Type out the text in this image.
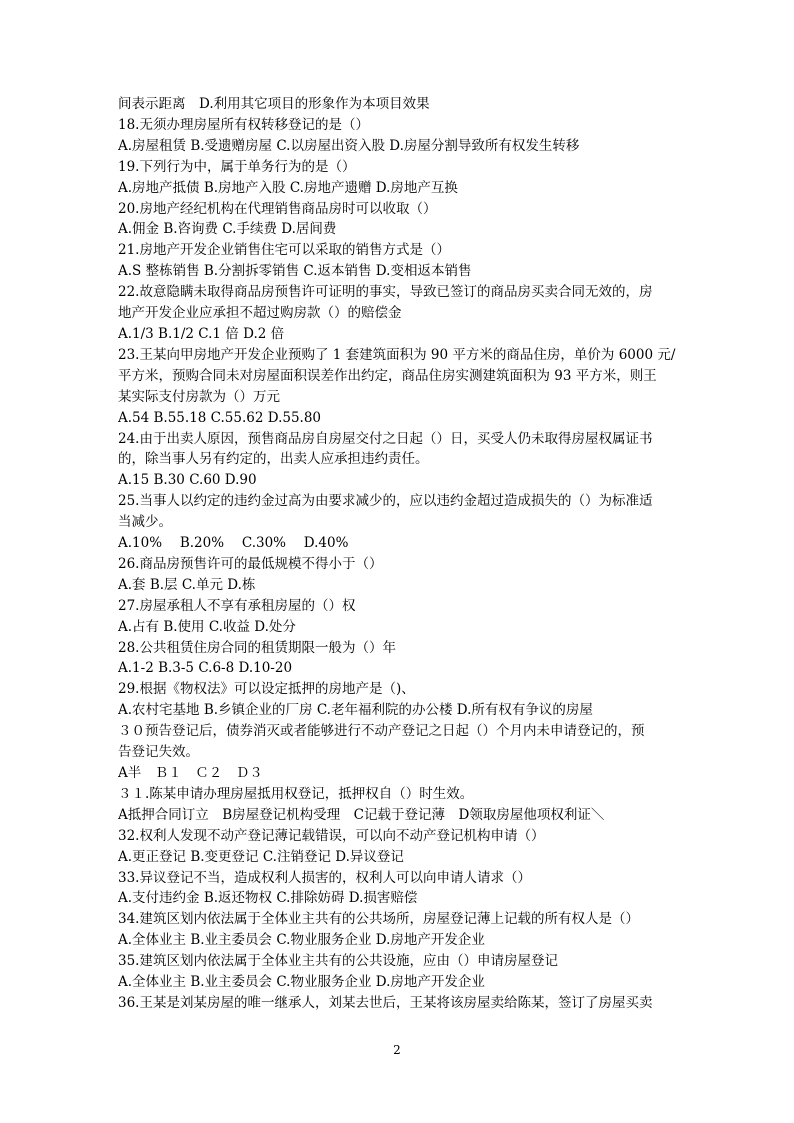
间表示距离　D.利用其它项目的形象作为本项目效果
18.无须办理房屋所有权转移登记的是（）
A.房屋租赁 B.受遗赠房屋 C.以房屋出资入股 D.房屋分割导致所有权发生转移
19.下列行为中，属于单务行为的是（）
A.房地产抵债 B.房地产入股 C.房地产遗赠 D.房地产互换
20.房地产经纪机构在代理销售商品房时可以收取（）
A.佣金 B.咨询费 C.手续费 D.居间费
21.房地产开发企业销售住宅可以采取的销售方式是（）
A.S 整栋销售 B.分割拆零销售 C.返本销售 D.变相返本销售
22.故意隐瞒未取得商品房预售许可证明的事实，导致已签订的商品房买卖合同无效的，房
地产开发企业应承担不超过购房款（）的赔偿金
A.1/3 B.1/2 C.1 倍 D.2 倍
23.王某向甲房地产开发企业预购了 1 套建筑面积为 90 平方米的商品住房，单价为 6000 元/
平方米，预购合同未对房屋面积误差作出约定，商品住房实测建筑面积为 93 平方米，则王
某实际支付房款为（）万元
A.54 B.55.18 C.55.62 D.55.80
24.由于出卖人原因，预售商品房自房屋交付之日起（）日，买受人仍未取得房屋权属证书
的，除当事人另有约定的，出卖人应承担违约责任。
A.15 B.30 C.60 D.90
25.当事人以约定的违约金过高为由要求减少的，应以违约金超过造成损失的（）为标准适
当减少。
A.10%　 B.20%　 C.30%　 D.40%
26.商品房预售许可的最低规模不得小于（）
A.套 B.层 C.单元 D.栋
27.房屋承租人不享有承租房屋的（）权
A.占有 B.使用 C.收益 D.处分
28.公共租赁住房合同的租赁期限一般为（）年
A.1-2 B.3-5 C.6-8 D.10-20
29.根据《物权法》可以设定抵押的房地产是（)、
A.农村宅基地 B.乡镇企业的厂房 C.老年福利院的办公楼 D.所有权有争议的房屋
３０预告登记后，债券消灭或者能够进行不动产登记之日起（）个月内未申请登记的，预
告登记失效。
A半　Ｂ１　Ｃ２　Ｄ３
３１.陈某申请办理房屋抵用权登记，抵押权自（）时生效。
A抵押合同订立　B房屋登记机构受理　C记载于登记薄　D领取房屋他项权利证＼
32.权利人发现不动产登记薄记载错误，可以向不动产登记机构申请（）
A.更正登记 B.变更登记 C.注销登记 D.异议登记
33.异议登记不当，造成权利人损害的，权利人可以向申请人请求（）
A.支付违约金 B.返还物权 C.排除妨碍 D.损害赔偿
34.建筑区划内依法属于全体业主共有的公共场所，房屋登记薄上记载的所有权人是（）
A.全体业主 B.业主委员会 C.物业服务企业 D.房地产开发企业
35.建筑区划内依法属于全体业主共有的公共设施，应由（）申请房屋登记
A.全体业主 B.业主委员会 C.物业服务企业 D.房地产开发企业
36.王某是刘某房屋的唯一继承人，刘某去世后，王某将该房屋卖给陈某，签订了房屋买卖
2
